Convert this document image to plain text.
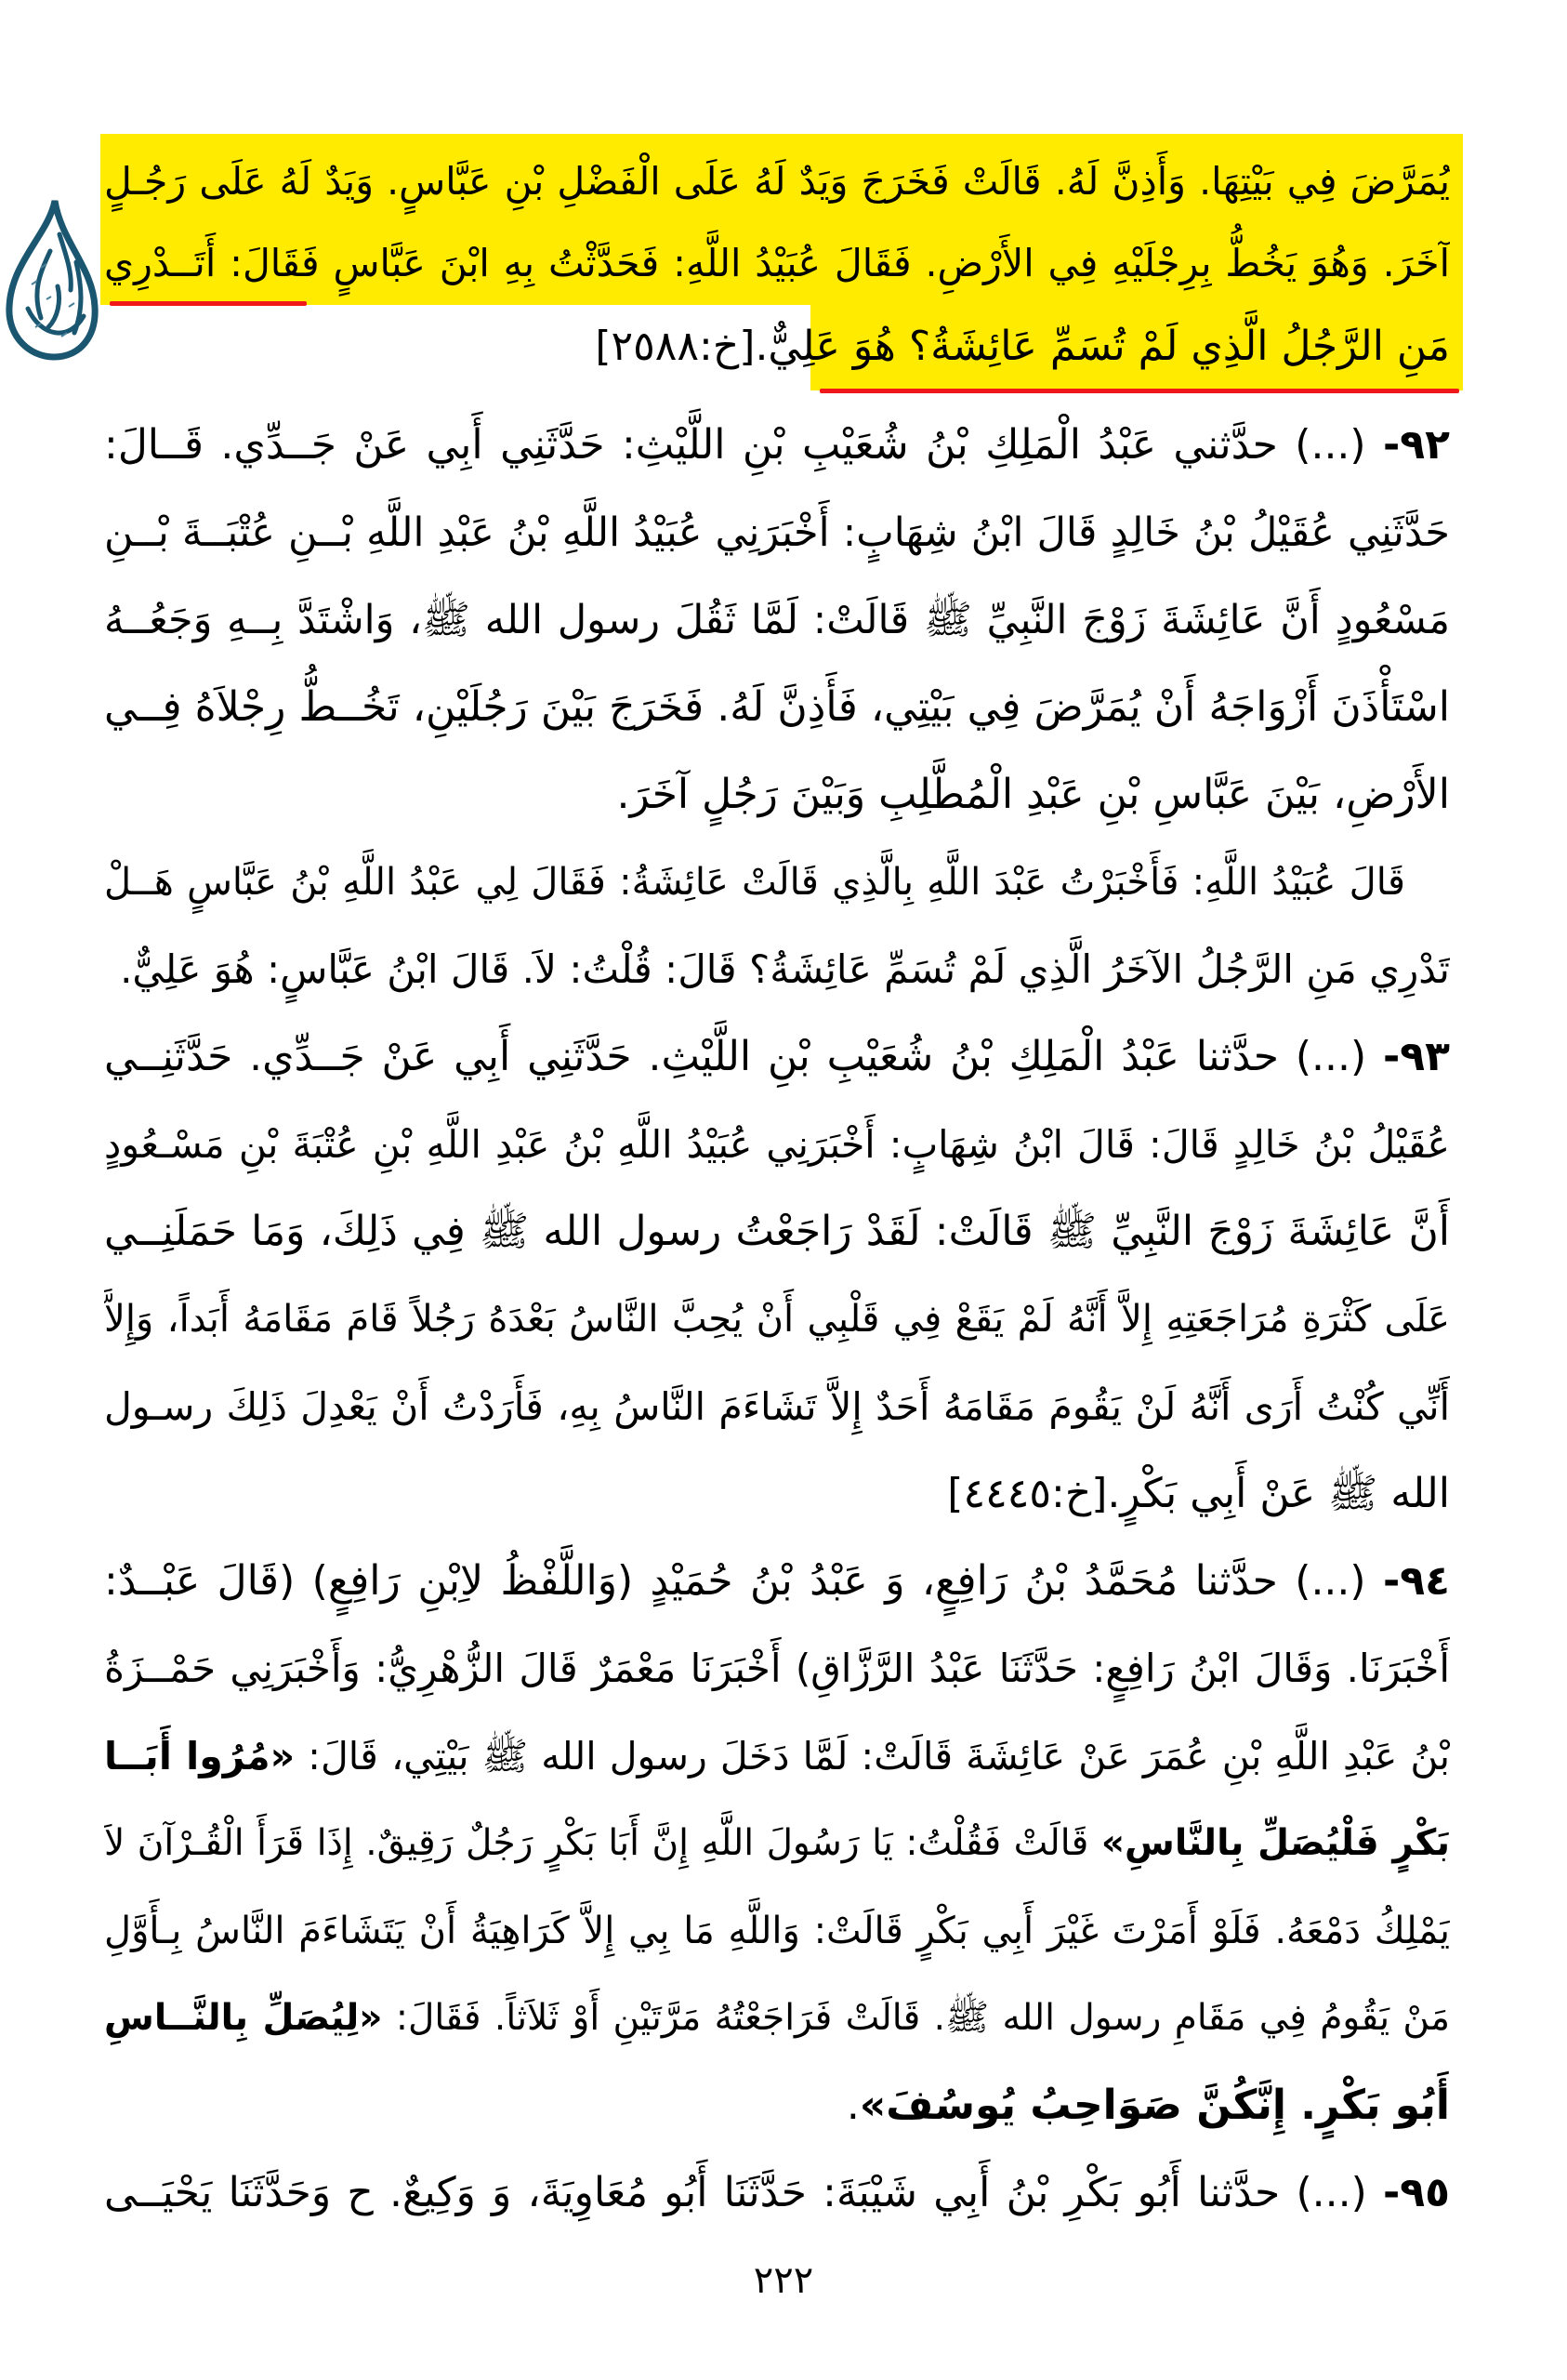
يُمَرَّضَ فِي بَيْتِهَا. وَأَذِنَّ لَهُ. قَالَتْ فَخَرَجَ وَيَدٌ لَهُ عَلَى الْفَضْلِ بْنِ عَبَّاسٍ. وَيَدٌ لَهُ عَلَى رَجُـلٍ
آخَرَ. وَهُوَ يَخُطُّ بِرِجْلَيْهِ فِي الأَرْضِ. فَقَالَ عُبَيْدُ اللَّهِ: فَحَدَّثْتُ بِهِ ابْنَ عَبَّاسٍ فَقَالَ: أَتَــدْرِي
مَنِ الرَّجُلُ الَّذِي لَمْ تُسَمِّ عَائِشَةُ؟ هُوَ عَلِيٌّ.[خ:٢٥٨٨]
٩٢- (...) حدَّثني عَبْدُ الْمَلِكِ بْنُ شُعَيْبِ بْنِ اللَّيْثِ: حَدَّثَنِي أَبِي عَنْ جَــدِّي. قَــالَ:
حَدَّثَنِي عُقَيْلُ بْنُ خَالِدٍ قَالَ ابْنُ شِهَابٍ: أَخْبَرَنِي عُبَيْدُ اللَّهِ بْنُ عَبْدِ اللَّهِ بْــنِ عُتْبَــةَ بْــنِ
مَسْعُودٍ أَنَّ عَائِشَةَ زَوْجَ النَّبِيِّ ﷺ قَالَتْ: لَمَّا ثَقُلَ رسول الله ﷺ، وَاشْتَدَّ بِــهِ وَجَعُــهُ
اسْتَأْذَنَ أَزْوَاجَهُ أَنْ يُمَرَّضَ فِي بَيْتِي، فَأَذِنَّ لَهُ. فَخَرَجَ بَيْنَ رَجُلَيْنِ، تَخُــطُّ رِجْلاَهُ فِــي
الأَرْضِ، بَيْنَ عَبَّاسِ بْنِ عَبْدِ الْمُطَّلِبِ وَبَيْنَ رَجُلٍ آخَرَ.
قَالَ عُبَيْدُ اللَّهِ: فَأَخْبَرْتُ عَبْدَ اللَّهِ بِالَّذِي قَالَتْ عَائِشَةُ: فَقَالَ لِي عَبْدُ اللَّهِ بْنُ عَبَّاسٍ هَــلْ
تَدْرِي مَنِ الرَّجُلُ الآخَرُ الَّذِي لَمْ تُسَمِّ عَائِشَةُ؟ قَالَ: قُلْتُ: لاَ. قَالَ ابْنُ عَبَّاسٍ: هُوَ عَلِيٌّ.
٩٣- (...) حدَّثنا عَبْدُ الْمَلِكِ بْنُ شُعَيْبِ بْنِ اللَّيْثِ. حَدَّثَنِي أَبِي عَنْ جَــدِّي. حَدَّثَنِــي
عُقَيْلُ بْنُ خَالِدٍ قَالَ: قَالَ ابْنُ شِهَابٍ: أَخْبَرَنِي عُبَيْدُ اللَّهِ بْنُ عَبْدِ اللَّهِ بْنِ عُتْبَةَ بْنِ مَسْـعُودٍ
أَنَّ عَائِشَةَ زَوْجَ النَّبِيِّ ﷺ قَالَتْ: لَقَدْ رَاجَعْتُ رسول الله ﷺ فِي ذَلِكَ، وَمَا حَمَلَنِــي
عَلَى كَثْرَةِ مُرَاجَعَتِهِ إِلاَّ أَنَّهُ لَمْ يَقَعْ فِي قَلْبِي أَنْ يُحِبَّ النَّاسُ بَعْدَهُ رَجُلاً قَامَ مَقَامَهُ أَبَداً، وَإِلاَّ
أَنِّي كُنْتُ أَرَى أَنَّهُ لَنْ يَقُومَ مَقَامَهُ أَحَدٌ إِلاَّ تَشَاءَمَ النَّاسُ بِهِ، فَأَرَدْتُ أَنْ يَعْدِلَ ذَلِكَ رسـول
الله ﷺ عَنْ أَبِي بَكْرٍ.[خ:٤٤٤٥]
٩٤- (...) حدَّثنا مُحَمَّدُ بْنُ رَافِعٍ، وَ عَبْدُ بْنُ حُمَيْدٍ (وَاللَّفْظُ لاِبْنِ رَافِعٍ) (قَالَ عَبْــدٌ:
أَخْبَرَنَا. وَقَالَ ابْنُ رَافِعٍ: حَدَّثَنَا عَبْدُ الرَّزَّاقِ) أَخْبَرَنَا مَعْمَرٌ قَالَ الزُّهْرِيُّ: وَأَخْبَرَنِي حَمْــزَةُ
بْنُ عَبْدِ اللَّهِ بْنِ عُمَرَ عَنْ عَائِشَةَ قَالَتْ: لَمَّا دَخَلَ رسول الله ﷺ بَيْتِي، قَالَ: «مُرُوا أَبَــا
بَكْرٍ فَلْيُصَلِّ بِالنَّاسِ» قَالَتْ فَقُلْتُ: يَا رَسُولَ اللَّهِ إِنَّ أَبَا بَكْرٍ رَجُلٌ رَقِيقٌ. إِذَا قَرَأَ الْقُـرْآنَ لاَ
يَمْلِكُ دَمْعَهُ. فَلَوْ أَمَرْتَ غَيْرَ أَبِي بَكْرٍ قَالَتْ: وَاللَّهِ مَا بِي إِلاَّ كَرَاهِيَةُ أَنْ يَتَشَاءَمَ النَّاسُ بِـأَوَّلِ
مَنْ يَقُومُ فِي مَقَامِ رسول الله ﷺ. قَالَتْ فَرَاجَعْتُهُ مَرَّتَيْنِ أَوْ ثَلاَثاً. فَقَالَ: «لِيُصَلِّ بِالنَّــاسِ
أَبُو بَكْرٍ. إِنَّكُنَّ صَوَاحِبُ يُوسُفَ».
٩٥- (...) حدَّثنا أَبُو بَكْرِ بْنُ أَبِي شَيْبَةَ: حَدَّثَنَا أَبُو مُعَاوِيَةَ، وَ وَكِيعٌ. ح وَحَدَّثَنَا يَحْيَــى
٢٢٢
